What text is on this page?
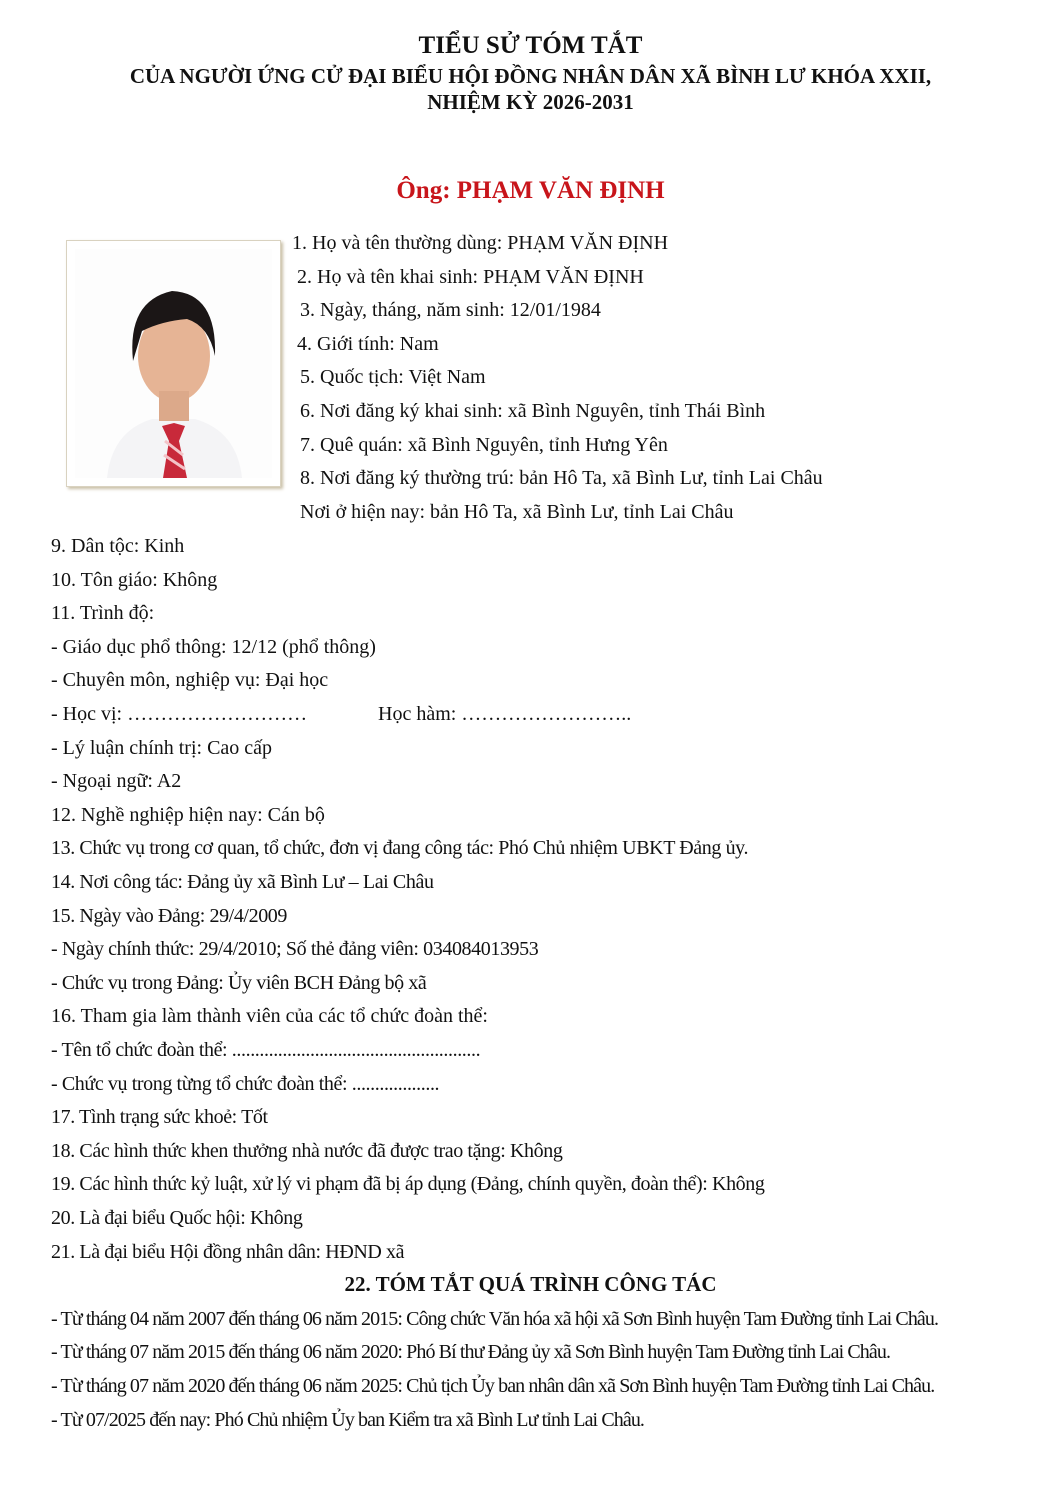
TIỂU SỬ TÓM TẮT
CỦA NGƯỜI ỨNG CỬ ĐẠI BIỂU HỘI ĐỒNG NHÂN DÂN XÃ BÌNH LƯ KHÓA XXII,
NHIỆM KỲ 2026-2031
Ông: PHẠM VĂN ĐỊNH
1. Họ và tên thường dùng: PHẠM VĂN ĐỊNH
2. Họ và tên khai sinh: PHẠM VĂN ĐỊNH
3. Ngày, tháng, năm sinh: 12/01/1984
4. Giới tính: Nam
5. Quốc tịch: Việt Nam
6. Nơi đăng ký khai sinh: xã Bình Nguyên, tỉnh Thái Bình
7. Quê quán: xã Bình Nguyên, tỉnh Hưng Yên
8. Nơi đăng ký thường trú: bản Hô Ta, xã Bình Lư, tỉnh Lai Châu
Nơi ở hiện nay: bản Hô Ta, xã Bình Lư, tỉnh Lai Châu
9. Dân tộc: Kinh
10. Tôn giáo: Không
11. Trình độ:
- Giáo dục phổ thông: 12/12 (phổ thông)
- Chuyên môn, nghiệp vụ: Đại học
- Học vị: ………………………
- Lý luận chính trị: Cao cấp
- Ngoại ngữ: A2
12. Nghề nghiệp hiện nay: Cán bộ
13. Chức vụ trong cơ quan, tổ chức, đơn vị đang công tác: Phó Chủ nhiệm UBKT Đảng ủy.
14. Nơi công tác: Đảng ủy xã Bình Lư – Lai Châu
15. Ngày vào Đảng: 29/4/2009
- Ngày chính thức: 29/4/2010; Số thẻ đảng viên: 034084013953
- Chức vụ trong Đảng: Ủy viên BCH Đảng bộ xã
16. Tham gia làm thành viên của các tổ chức đoàn thể:
- Tên tổ chức đoàn thể: ......................................................
- Chức vụ trong từng tổ chức đoàn thể: ...................
17. Tình trạng sức khoẻ: Tốt
18. Các hình thức khen thưởng nhà nước đã được trao tặng: Không
19. Các hình thức kỷ luật, xử lý vi phạm đã bị áp dụng (Đảng, chính quyền, đoàn thể): Không
20. Là đại biểu Quốc hội: Không
21. Là đại biểu Hội đồng nhân dân: HĐND xã
Học hàm: ……………………..
22. TÓM TẮT QUÁ TRÌNH CÔNG TÁC
- Từ tháng 04 năm 2007 đến tháng 06 năm 2015: Công chức Văn hóa xã hội xã Sơn Bình huyện Tam Đường tỉnh Lai Châu.
- Từ tháng 07 năm 2015 đến tháng 06 năm 2020: Phó Bí thư Đảng ủy xã Sơn Bình huyện Tam Đường tỉnh Lai Châu.
- Từ tháng 07 năm 2020 đến tháng 06 năm 2025: Chủ tịch Ủy ban nhân dân xã Sơn Bình huyện Tam Đường tỉnh Lai Châu.
- Từ 07/2025 đến nay: Phó Chủ nhiệm Ủy ban Kiểm tra xã Bình Lư tỉnh Lai Châu.
